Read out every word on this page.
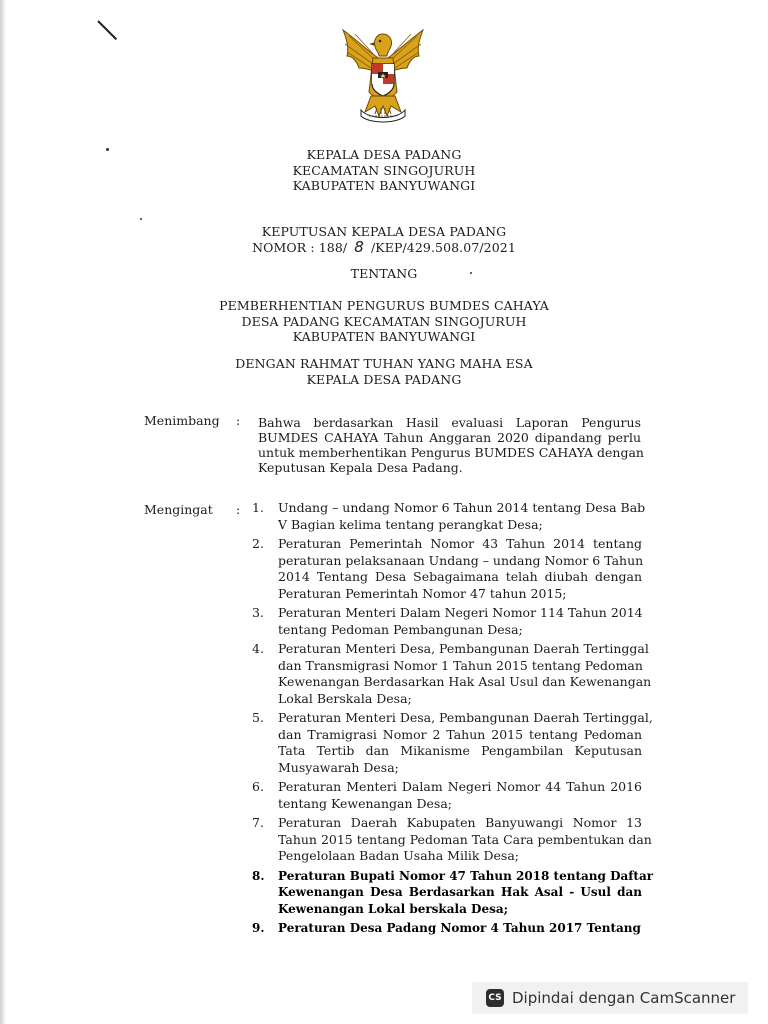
KEPALA DESA PADANG
KECAMATAN SINGOJURUH
KABUPATEN BANYUWANGI
KEPUTUSAN KEPALA DESA PADANG
NOMOR : 188/ 8 /KEP/429.508.07/2021
TENTANG
PEMBERHENTIAN PENGURUS BUMDES CAHAYA
DESA PADANG KECAMATAN SINGOJURUH
KABUPATEN BANYUWANGI
DENGAN RAHMAT TUHAN YANG MAHA ESA
KEPALA DESA PADANG
Menimbang : Bahwa berdasarkan Hasil evaluasi Laporan Pengurus
BUMDES CAHAYA Tahun Anggaran 2020 dipandang perlu
untuk memberhentikan Pengurus BUMDES CAHAYA dengan
Keputusan Kepala Desa Padang.
Mengingat : 1. Undang – undang Nomor 6 Tahun 2014 tentang Desa Bab
V Bagian kelima tentang perangkat Desa;
2. Peraturan Pemerintah Nomor 43 Tahun 2014 tentang
peraturan pelaksanaan Undang – undang Nomor 6 Tahun
2014 Tentang Desa Sebagaimana telah diubah dengan
Peraturan Pemerintah Nomor 47 tahun 2015;
3. Peraturan Menteri Dalam Negeri Nomor 114 Tahun 2014
tentang Pedoman Pembangunan Desa;
4. Peraturan Menteri Desa, Pembangunan Daerah Tertinggal
dan Transmigrasi Nomor 1 Tahun 2015 tentang Pedoman
Kewenangan Berdasarkan Hak Asal Usul dan Kewenangan
Lokal Berskala Desa;
5. Peraturan Menteri Desa, Pembangunan Daerah Tertinggal,
dan Tramigrasi Nomor 2 Tahun 2015 tentang Pedoman
Tata Tertib dan Mikanisme Pengambilan Keputusan
Musyawarah Desa;
6. Peraturan Menteri Dalam Negeri Nomor 44 Tahun 2016
tentang Kewenangan Desa;
7. Peraturan Daerah Kabupaten Banyuwangi Nomor 13
Tahun 2015 tentang Pedoman Tata Cara pembentukan dan
Pengelolaan Badan Usaha Milik Desa;
8. Peraturan Bupati Nomor 47 Tahun 2018 tentang Daftar
Kewenangan Desa Berdasarkan Hak Asal - Usul dan
Kewenangan Lokal berskala Desa;
9. Peraturan Desa Padang Nomor 4 Tahun 2017 Tentang
CS Dipindai dengan CamScanner
